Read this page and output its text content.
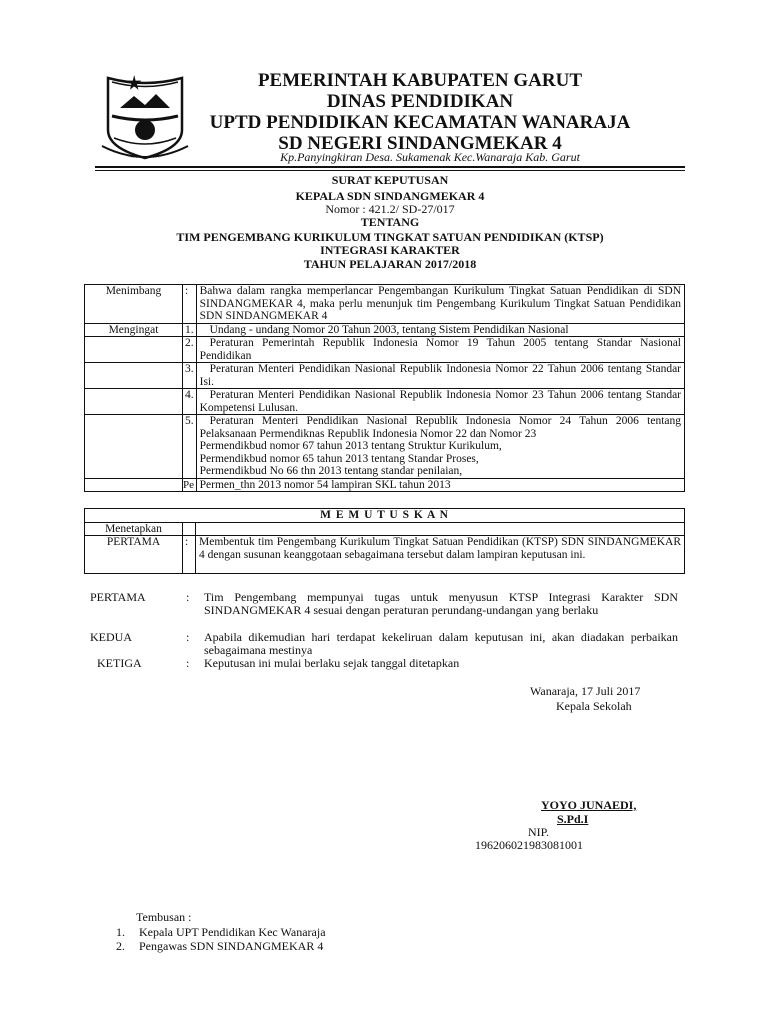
. . . . . . . . . . .
PEMERINTAH KABUPATEN GARUT
DINAS PENDIDIKAN
UPTD PENDIDIKAN KECAMATAN WANARAJA
SD NEGERI SINDANGMEKAR 4
Kp.Panyingkiran Desa. Sukamenak Kec.Wanaraja Kab. Garut
SURAT KEPUTUSAN
KEPALA SDN SINDANGMEKAR 4
Nomor : 421.2/ SD-27/017
TENTANG
TIM PENGEMBANG KURIKULUM TINGKAT SATUAN PENDIDIKAN (KTSP)
INTEGRASI KARAKTER
TAHUN PELAJARAN 2017/2018
Menimbang	:	Bahwa dalam rangka memperlancar Pengembangan Kurikulum Tingkat Satuan Pendidikan di SDN SINDANGMEKAR 4, maka perlu menunjuk tim Pengembang Kurikulum Tingkat Satuan Pendidikan SDN SINDANGMEKAR 4
Mengingat	1.	Undang - undang Nomor 20 Tahun 2003, tentang Sistem Pendidikan Nasional
	2.	Peraturan Pemerintah Republik Indonesia Nomor 19 Tahun 2005 tentang Standar Nasional Pendidikan
	3.	Peraturan Menteri Pendidikan Nasional Republik Indonesia Nomor 22 Tahun 2006 tentang Standar Isi.
	4.	Peraturan Menteri Pendidikan Nasional Republik Indonesia Nomor 23 Tahun 2006 tentang Standar Kompetensi Lulusan.
	5.	Peraturan Menteri Pendidikan Nasional Republik Indonesia Nomor 24 Tahun 2006 tentang Pelaksanaan Permendiknas Republik Indonesia Nomor 22 dan Nomor 23
Permendikbud nomor 67 tahun 2013 tentang Struktur Kurikulum,
Permendikbud nomor 65 tahun 2013 tentang Standar Proses,
Permendikbud No 66 thn 2013 tentang standar penilaian,

	Pe	Permen_thn 2013 nomor 54 lampiran SKL tahun 2013
M E M U T U S K A N		
Menetapkan		
PERTAMA	:	Membentuk tim Pengembang Kurikulum Tingkat Satuan Pendidikan (KTSP) SDN SINDANGMEKAR 4 dengan susunan keanggotaan sebagaimana tersebut dalam lampiran keputusan ini.
PERTAMA	: Tim Pengembang mempunyai tugas untuk menyusun KTSP Integrasi Karakter SDN SINDANGMEKAR 4 sesuai dengan peraturan perundang-undangan yang berlaku
KEDUA	: Apabila dikemudian hari terdapat kekeliruan dalam keputusan ini, akan diadakan perbaikan sebagaimana mestinya
KETIGA	: Keputusan ini mulai berlaku sejak tanggal ditetapkan
Wanaraja, 17 Juli 2017
Kepala Sekolah
YOYO JUNAEDI,
S.Pd.I
NIP.
196206021983081001
Tembusan :
1. Kepala UPT Pendidikan Kec Wanaraja
2. Pengawas SDN SINDANGMEKAR 4
